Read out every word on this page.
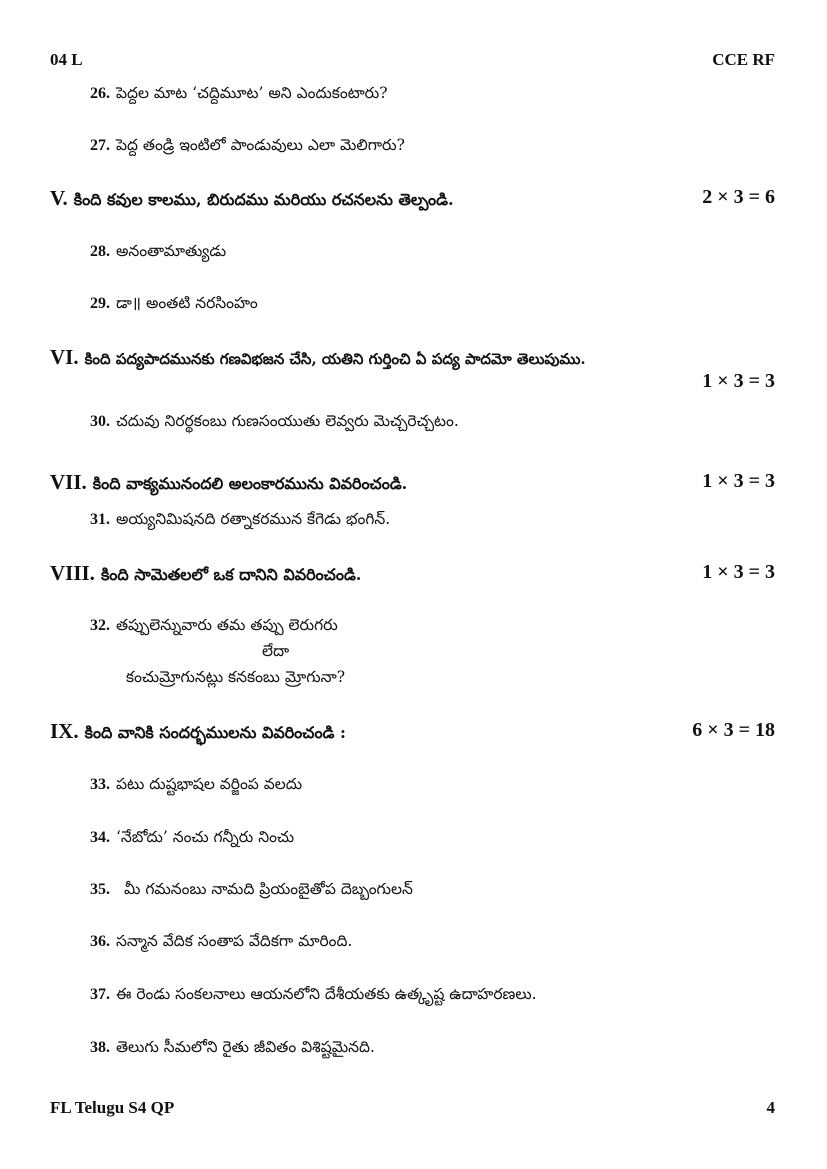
04 L	CCE RF
26. పెద్దల మాట ‘చద్దిమూట’ అని ఎందుకంటారు?
27. పెద్ద తండ్రి ఇంటిలో పాండువులు ఎలా మెలిగారు?
V. కింది కవుల కాలము, బిరుదము మరియు రచనలను తెల్పండి.	2 × 3 = 6
28. అనంతామాత్యుడు
29. డా॥ అంతటి నరసింహం
VI. కింది పద్యపాదమునకు గణవిభజన చేసి, యతిని గుర్తించి ఏ పద్య పాదమో తెలుపుము.
1 × 3 = 3
30. చదువు నిరర్థకంబు గుణసంయుతు లెవ్వరు మెచ్చరెచ్చటం.
VII. కింది వాక్యమునందలి అలంకారమును వివరించండి.	1 × 3 = 3
31. అయ్యనిమిషనది రత్నాకరమున కేగెడు భంగిన్.
VIII. కింది సామెతలలో ఒక దానిని వివరించండి.	1 × 3 = 3
32. తప్పులెన్నువారు తమ తప్పు లెరుగరు
లేదా
కంచుమ్రోగునట్లు కనకంబు మ్రోగునా?
IX. కింది వానికి సందర్భములను వివరించండి :	6 × 3 = 18
33. పటు దుష్టభాషల వర్జింప వలదు
34. ‘నేబోదు’ నంచు గన్నీరు నించు
35. మీ గమనంబు నామది ప్రియంబైతోప దెబ్బంగులన్
36. సన్మాన వేదిక సంతాప వేదికగా మారింది.
37. ఈ రెండు సంకలనాలు ఆయనలోని దేశీయతకు ఉత్కృష్ట ఉదాహరణలు.
38. తెలుగు సీమలోని రైతు జీవితం విశిష్టమైనది.
FL Telugu S4 QP	4
